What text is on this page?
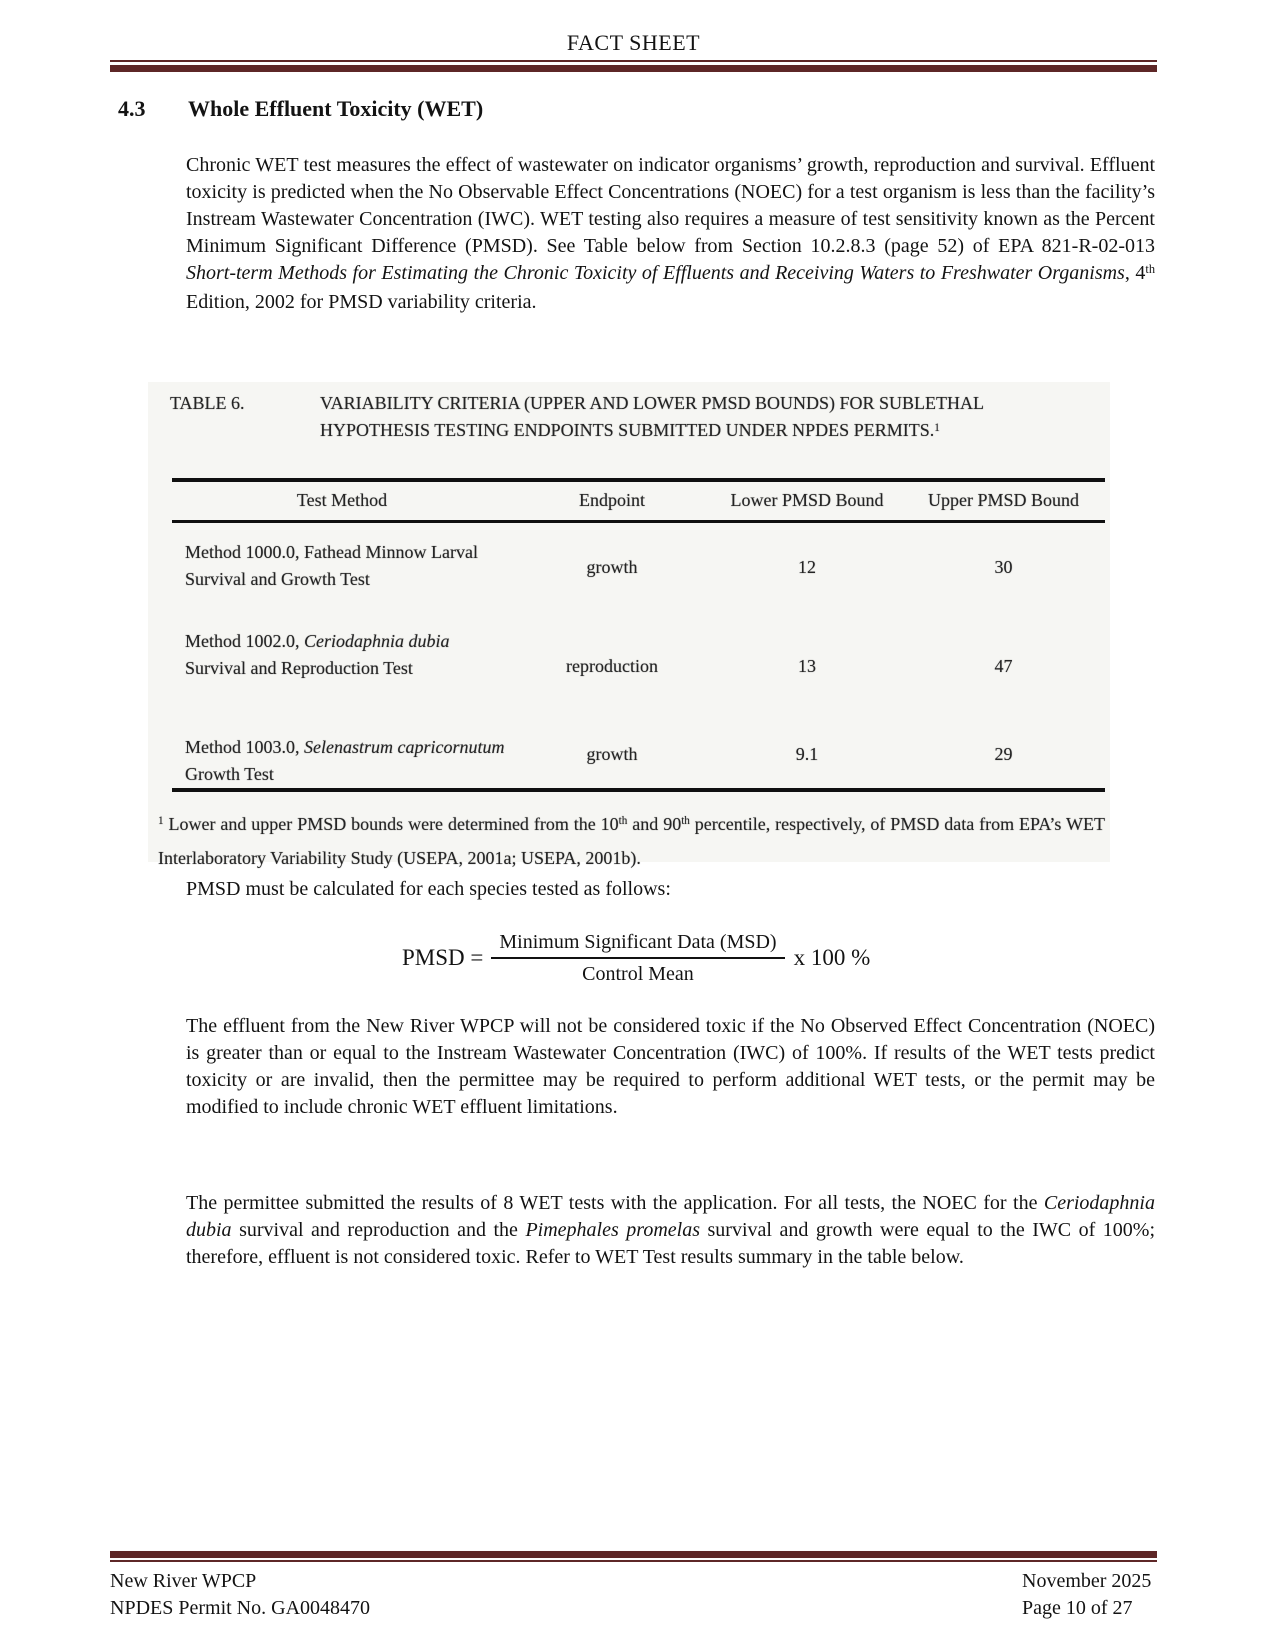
FACT SHEET
4.3 Whole Effluent Toxicity (WET)

Chronic WET test measures the effect of wastewater on indicator organisms’ growth, reproduction and survival. Effluent toxicity is predicted when the No Observable Effect Concentrations (NOEC) for a test organism is less than the facility’s Instream Wastewater Concentration (IWC). WET testing also requires a measure of test sensitivity known as the Percent Minimum Significant Difference (PMSD). See Table below from Section 10.2.8.3 (page 52) of EPA 821-R-02-013 Short-term Methods for Estimating the Chronic Toxicity of Effluents and Receiving Waters to Freshwater Organisms, 4th Edition, 2002 for PMSD variability criteria.

TABLE 6.	VARIABILITY CRITERIA (UPPER AND LOWER PMSD BOUNDS) FOR SUBLETHAL
HYPOTHESIS TESTING ENDPOINTS SUBMITTED UNDER NPDES PERMITS.$^1$
Test Method	Endpoint	Lower PMSD Bound	Upper PMSD Bound
Method 1000.0, Fathead Minnow Larval Survival and Growth Test	growth	12	30
Method 1002.0, Ceriodaphnia dubia Survival and Reproduction Test	reproduction	13	47
Method 1003.0, Selenastrum capricornutum Growth Test	growth	9.1	29

$^1$ Lower and upper PMSD bounds were determined from the 10th and 90th percentile, respectively, of PMSD data from EPA’s WET Interlaboratory Variability Study (USEPA, 2001a; USEPA, 2001b).

PMSD must be calculated for each species tested as follows:

PMSD = $\frac{\text{Minimum Significant Data (MSD)}}{\text{Control Mean}}$ x 100 %

The effluent from the New River WPCP will not be considered toxic if the No Observed Effect Concentration (NOEC) is greater than or equal to the Instream Wastewater Concentration (IWC) of 100%. If results of the WET tests predict toxicity or are invalid, then the permittee may be required to perform additional WET tests, or the permit may be modified to include chronic WET effluent limitations.

The permittee submitted the results of 8 WET tests with the application. For all tests, the NOEC for the Ceriodaphnia dubia survival and reproduction and the Pimephales promelas survival and growth were equal to the IWC of 100%; therefore, effluent is not considered toxic. Refer to WET Test results summary in the table below.

New River WPCP
NPDES Permit No. GA0048470
November 2025
Page 10 of 27
